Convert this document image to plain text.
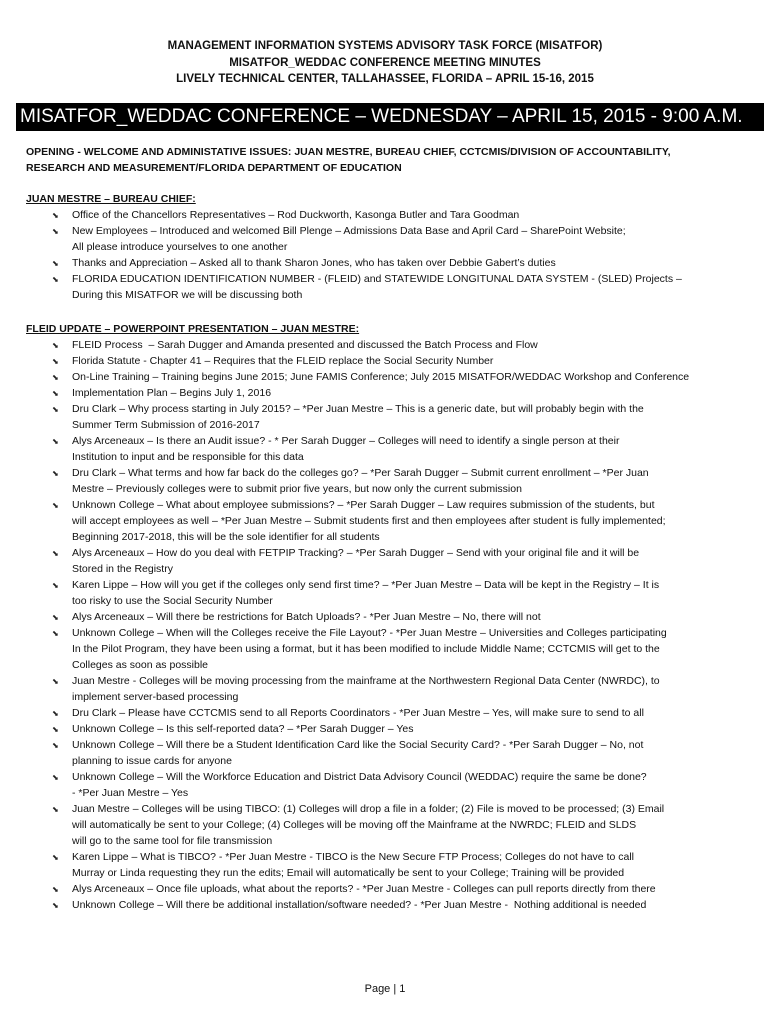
MANAGEMENT INFORMATION SYSTEMS ADVISORY TASK FORCE (MISATFOR)
MISATFOR_WEDDAC CONFERENCE MEETING MINUTES
LIVELY TECHNICAL CENTER, TALLAHASSEE, FLORIDA – APRIL 15-16, 2015
MISATFOR_WEDDAC CONFERENCE – WEDNESDAY – APRIL 15, 2015 - 9:00 A.M.
OPENING - WELCOME AND ADMINISTATIVE ISSUES: JUAN MESTRE, BUREAU CHIEF, CCTCMIS/DIVISION OF ACCOUNTABILITY,
RESEARCH AND MEASUREMENT/FLORIDA DEPARTMENT OF EDUCATION
JUAN MESTRE – BUREAU CHIEF:
⬊ Office of the Chancellors Representatives – Rod Duckworth, Kasonga Butler and Tara Goodman
⬊ New Employees – Introduced and welcomed Bill Plenge – Admissions Data Base and April Card – SharePoint Website;
All please introduce yourselves to one another
⬊ Thanks and Appreciation – Asked all to thank Sharon Jones, who has taken over Debbie Gabert’s duties
⬊ FLORIDA EDUCATION IDENTIFICATION NUMBER - (FLEID) and STATEWIDE LONGITUNAL DATA SYSTEM - (SLED) Projects –
During this MISATFOR we will be discussing both
FLEID UPDATE – POWERPOINT PRESENTATION – JUAN MESTRE:
⬊ FLEID Process  – Sarah Dugger and Amanda presented and discussed the Batch Process and Flow
⬊ Florida Statute - Chapter 41 – Requires that the FLEID replace the Social Security Number
⬊ On-Line Training – Training begins June 2015; June FAMIS Conference; July 2015 MISATFOR/WEDDAC Workshop and Conference
⬊ Implementation Plan – Begins July 1, 2016
⬊ Dru Clark – Why process starting in July 2015? – *Per Juan Mestre – This is a generic date, but will probably begin with the
Summer Term Submission of 2016-2017
⬊ Alys Arceneaux – Is there an Audit issue? - * Per Sarah Dugger – Colleges will need to identify a single person at their
Institution to input and be responsible for this data
⬊ Dru Clark – What terms and how far back do the colleges go? – *Per Sarah Dugger – Submit current enrollment – *Per Juan
Mestre – Previously colleges were to submit prior five years, but now only the current submission
⬊ Unknown College – What about employee submissions? – *Per Sarah Dugger – Law requires submission of the students, but
will accept employees as well – *Per Juan Mestre – Submit students first and then employees after student is fully implemented;
Beginning 2017-2018, this will be the sole identifier for all students
⬊ Alys Arceneaux – How do you deal with FETPIP Tracking? – *Per Sarah Dugger – Send with your original file and it will be
Stored in the Registry
⬊ Karen Lippe – How will you get if the colleges only send first time? – *Per Juan Mestre – Data will be kept in the Registry – It is
too risky to use the Social Security Number
⬊ Alys Arceneaux – Will there be restrictions for Batch Uploads? - *Per Juan Mestre – No, there will not
⬊ Unknown College – When will the Colleges receive the File Layout? - *Per Juan Mestre – Universities and Colleges participating
In the Pilot Program, they have been using a format, but it has been modified to include Middle Name; CCTCMIS will get to the
Colleges as soon as possible
⬊ Juan Mestre - Colleges will be moving processing from the mainframe at the Northwestern Regional Data Center (NWRDC), to
implement server-based processing
⬊ Dru Clark – Please have CCTCMIS send to all Reports Coordinators - *Per Juan Mestre – Yes, will make sure to send to all
⬊ Unknown College – Is this self-reported data? – *Per Sarah Dugger – Yes
⬊ Unknown College – Will there be a Student Identification Card like the Social Security Card? - *Per Sarah Dugger – No, not
planning to issue cards for anyone
⬊ Unknown College – Will the Workforce Education and District Data Advisory Council (WEDDAC) require the same be done?
- *Per Juan Mestre – Yes
⬊ Juan Mestre – Colleges will be using TIBCO: (1) Colleges will drop a file in a folder; (2) File is moved to be processed; (3) Email
will automatically be sent to your College; (4) Colleges will be moving off the Mainframe at the NWRDC; FLEID and SLDS
will go to the same tool for file transmission
⬊ Karen Lippe – What is TIBCO? - *Per Juan Mestre - TIBCO is the New Secure FTP Process; Colleges do not have to call
Murray or Linda requesting they run the edits; Email will automatically be sent to your College; Training will be provided
⬊ Alys Arceneaux – Once file uploads, what about the reports? - *Per Juan Mestre - Colleges can pull reports directly from there
⬊ Unknown College – Will there be additional installation/software needed? - *Per Juan Mestre -  Nothing additional is needed
Page | 1
